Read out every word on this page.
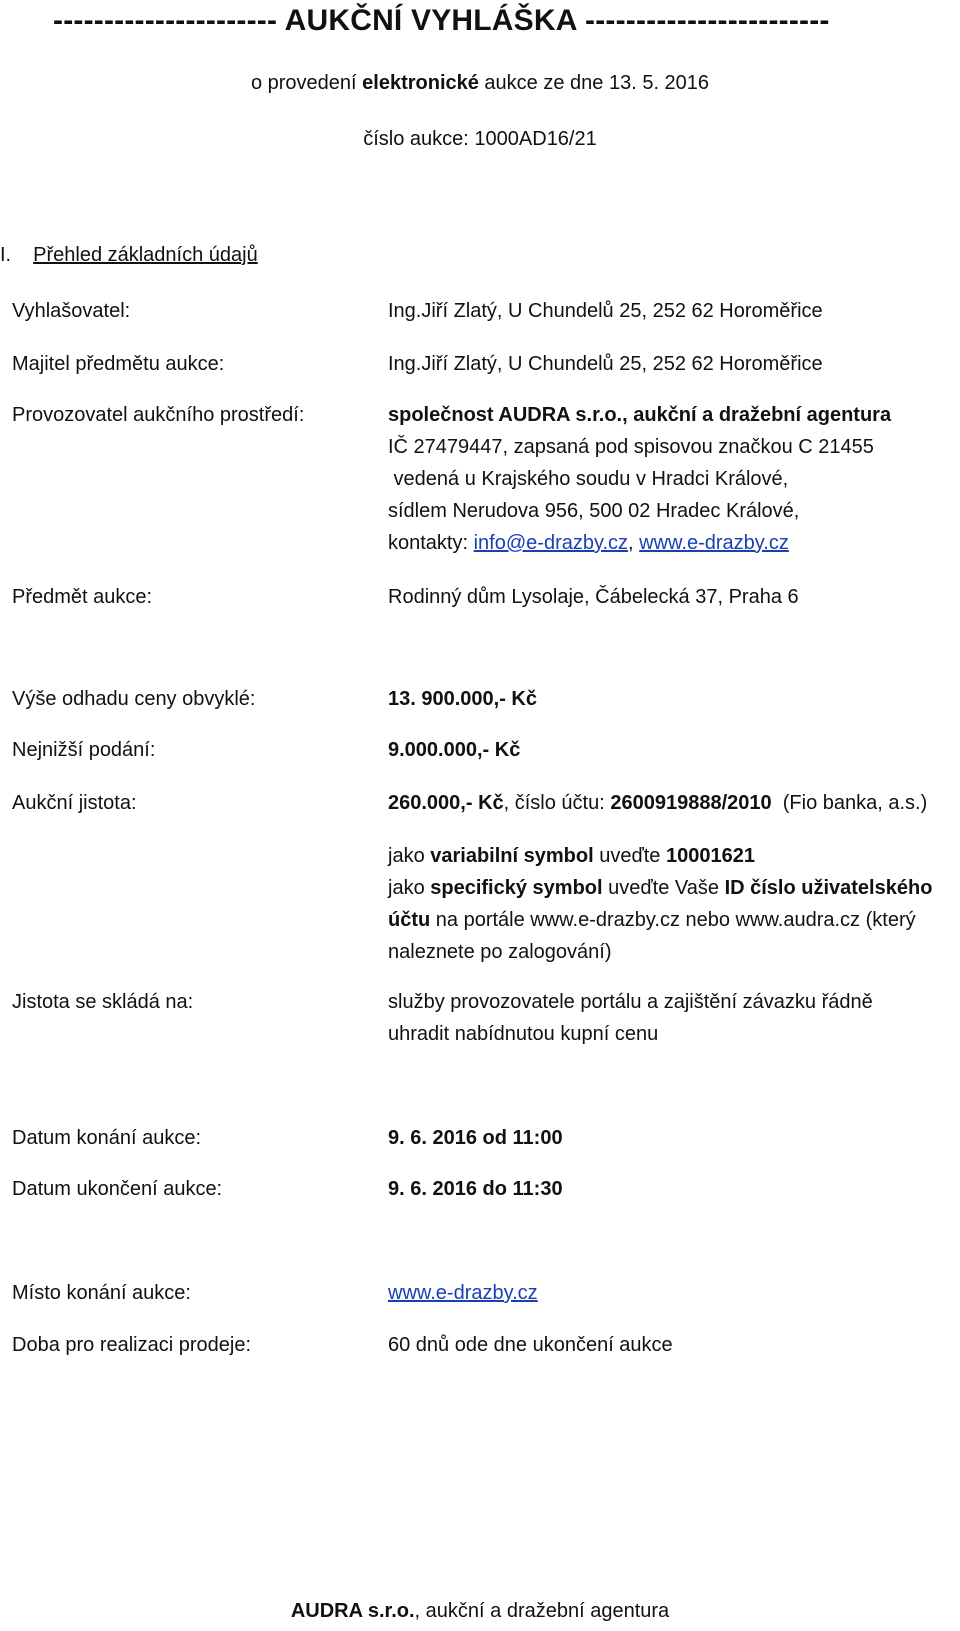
---------------------- AUKČNÍ VYHLÁŠKA ------------------------
o provedení elektronické aukce ze dne 13. 5. 2016
číslo aukce: 1000AD16/21
I. Přehled základních údajů
Vyhlašovatel:	Ing.Jiří Zlatý, U Chundelů 25, 252 62 Horoměřice
Majitel předmětu aukce:	Ing.Jiří Zlatý, U Chundelů 25, 252 62 Horoměřice
Provozovatel aukčního prostředí:	společnost AUDRA s.r.o., aukční a dražební agentura
IČ 27479447, zapsaná pod spisovou značkou C 21455
vedená u Krajského soudu v Hradci Králové,
sídlem Nerudova 956, 500 02 Hradec Králové,
kontakty: info@e-drazby.cz, www.e-drazby.cz
Předmět aukce:	Rodinný dům Lysolaje, Čábelecká 37, Praha 6
Výše odhadu ceny obvyklé:	13. 900.000,- Kč
Nejnižší podání:	9.000.000,- Kč
Aukční jistota:	260.000,- Kč, číslo účtu: 2600919888/2010  (Fio banka, a.s.)
jako variabilní symbol uveďte 10001621
jako specifický symbol uveďte Vaše ID číslo uživatelského
účtu na portále www.e-drazby.cz nebo www.audra.cz (který
naleznete po zalogování)
Jistota se skládá na:	služby provozovatele portálu a zajištění závazku řádně
uhradit nabídnutou kupní cenu
Datum konání aukce:	9. 6. 2016 od 11:00
Datum ukončení aukce:	9. 6. 2016 do 11:30
Místo konání aukce:	www.e-drazby.cz
Doba pro realizaci prodeje:	60 dnů ode dne ukončení aukce
AUDRA s.r.o., aukční a dražební agentura
